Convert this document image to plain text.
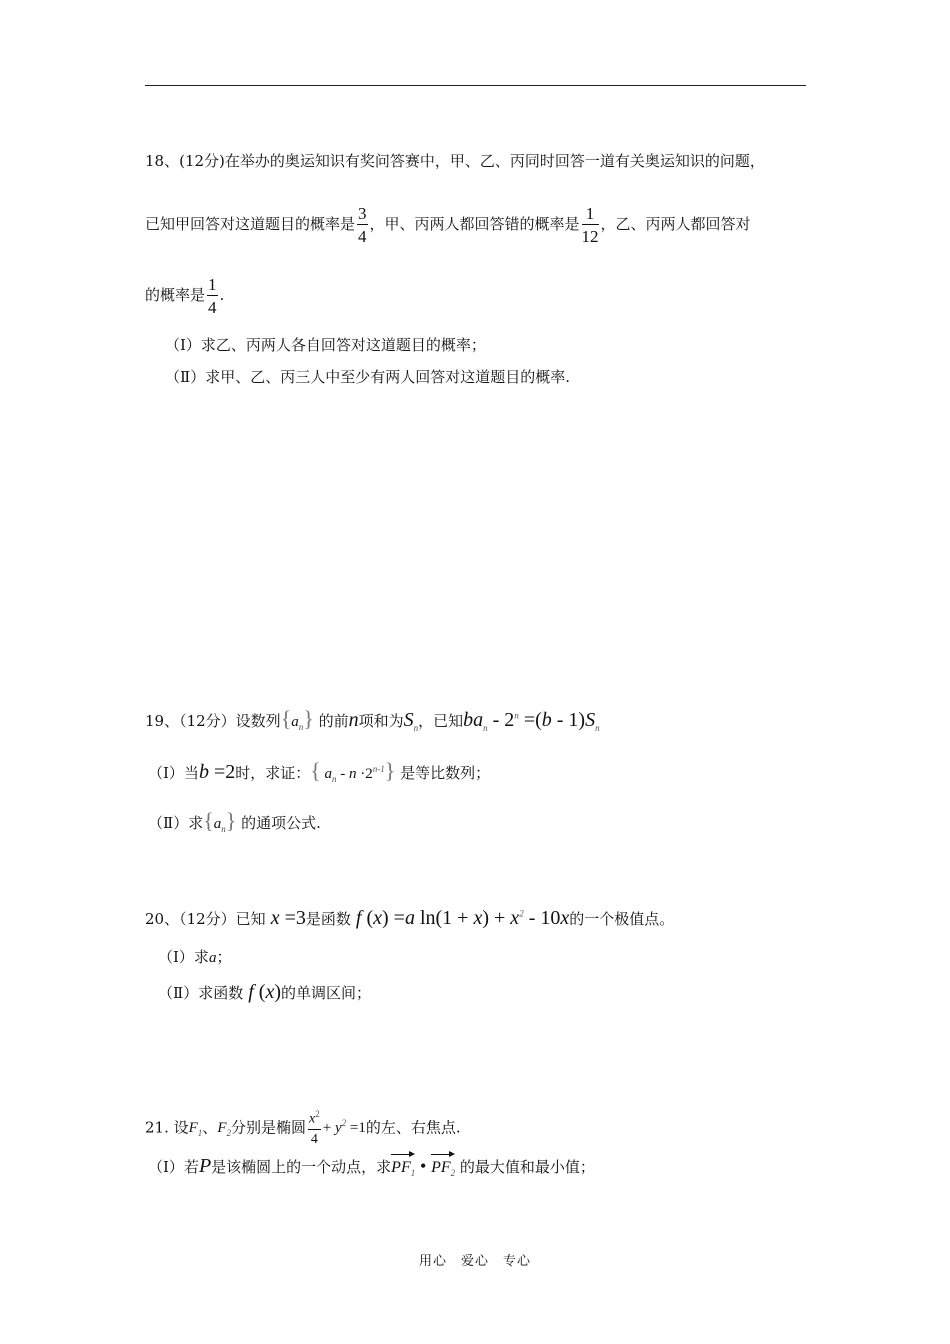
18、(12分)在举办的奥运知识有奖问答赛中，甲、乙、丙同时回答一道有关奥运知识的问题，
已知甲回答对这道题目的概率是 $\frac{3}{4}$ ，甲、丙两人都回答错的概率是 $\frac{1}{12}$ ，乙、丙两人都回答对
的概率是 $\frac{1}{4}$ .
（Ⅰ）求乙、丙两人各自回答对这道题目的概率；
（Ⅱ）求甲、乙、丙三人中至少有两人回答对这道题目的概率.
19、（12分）设数列$\{a_n\}$ 的前n项和为$S_n$，已知$ba_n - 2^n =(b - 1)S_n$
（Ⅰ）当b =2时，求证：{ $a_n - n \cdot 2^{n-1}$} 是等比数列；
（Ⅱ）求$\{a_n\}$ 的通项公式.
20、（12分）已知 x =3是函数 f (x) =a $\ln(1 + x) + x^2 - 10x$的一个极值点。
（Ⅰ）求a；
（Ⅱ）求函数 f (x)的单调区间；
21. 设$F_1$、$F_2$分别是椭圆 $\frac{x^2}{4} + y^2 =1$的左、右焦点.
（Ⅰ）若P是该椭圆上的一个动点，求$PF_1$ • $PF_2$ 的最大值和最小值；
用心　爱心　专心
